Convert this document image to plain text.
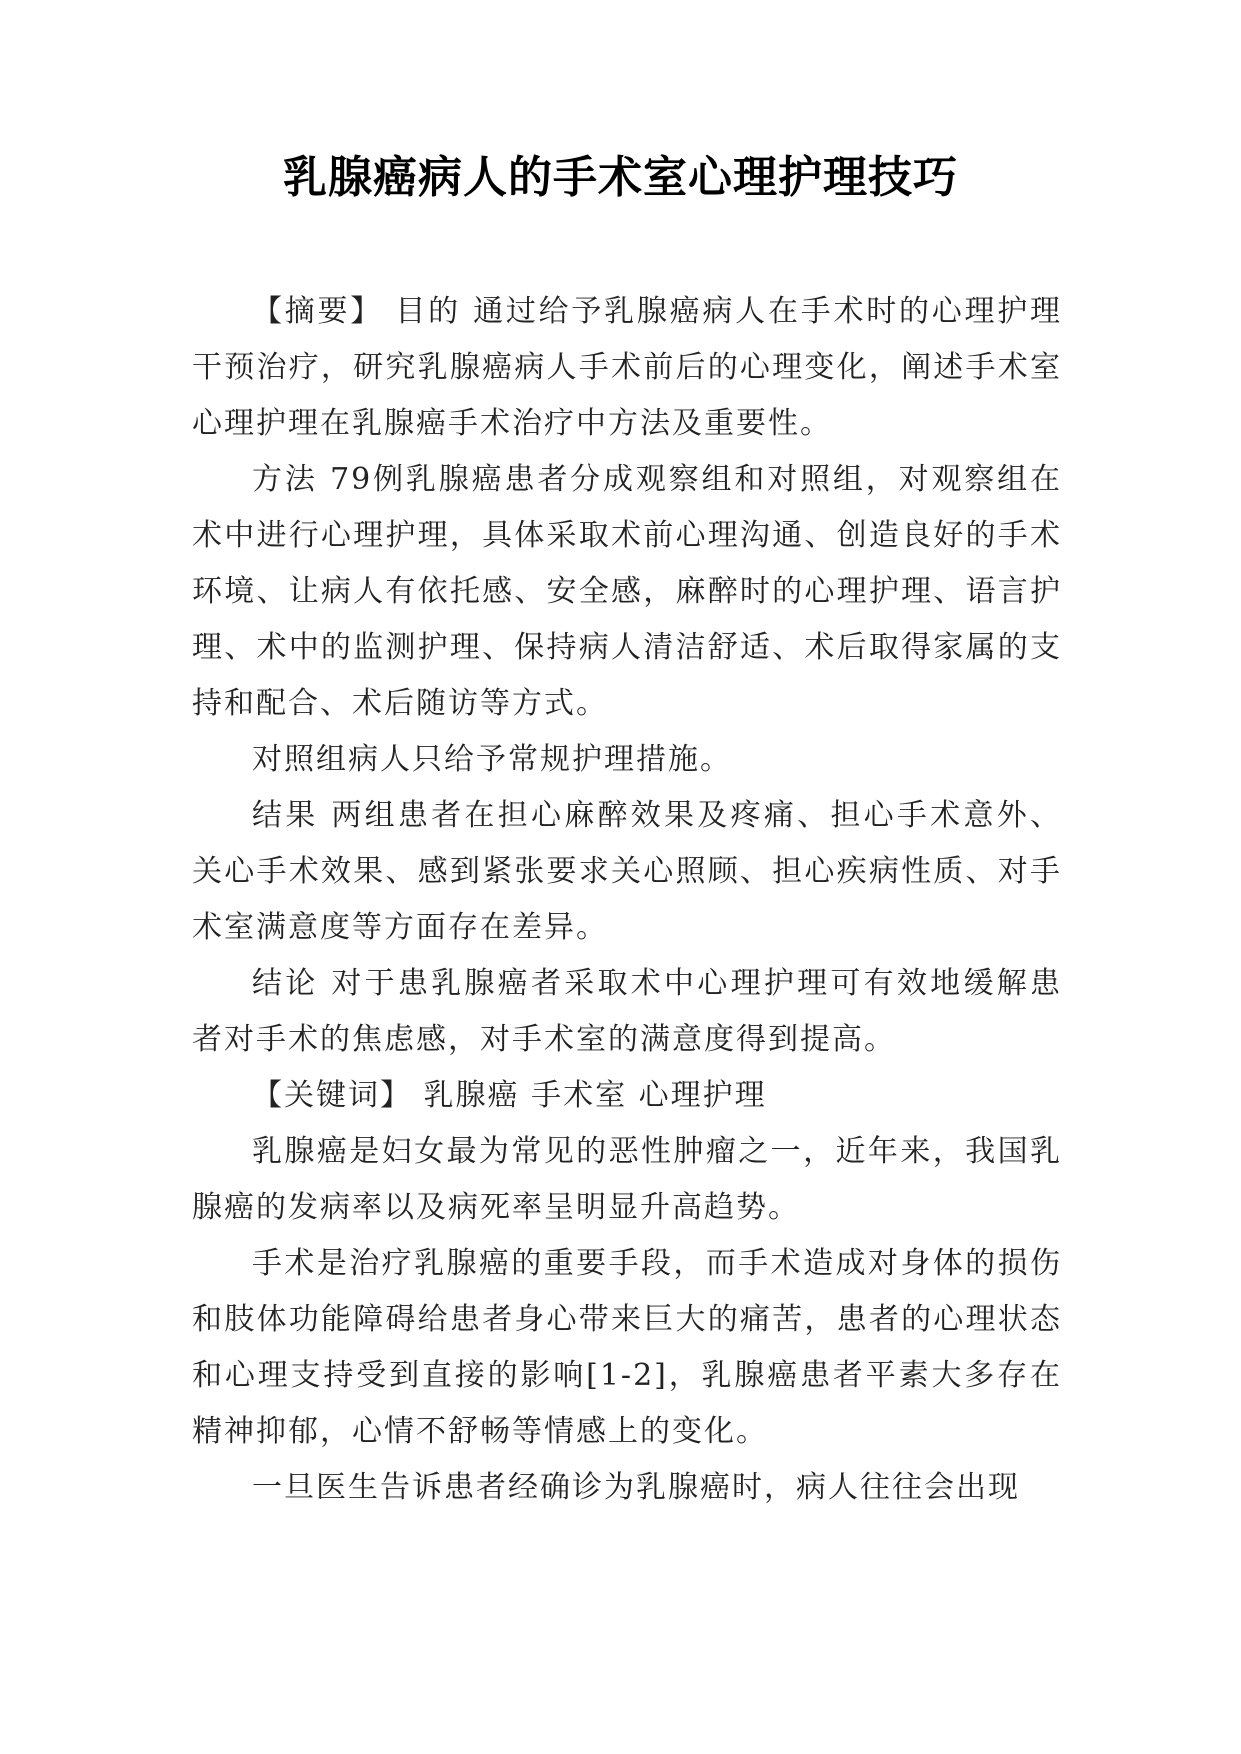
乳腺癌病人的手术室心理护理技巧

【摘要】 目的 通过给予乳腺癌病人在手术时的心理护理干预治疗，研究乳腺癌病人手术前后的心理变化，阐述手术室心理护理在乳腺癌手术治疗中方法及重要性。

方法 79例乳腺癌患者分成观察组和对照组，对观察组在术中进行心理护理，具体采取术前心理沟通、创造良好的手术环境、让病人有依托感、安全感，麻醉时的心理护理、语言护理、术中的监测护理、保持病人清洁舒适、术后取得家属的支持和配合、术后随访等方式。

对照组病人只给予常规护理措施。

结果 两组患者在担心麻醉效果及疼痛、担心手术意外、关心手术效果、感到紧张要求关心照顾、担心疾病性质、对手术室满意度等方面存在差异。

结论 对于患乳腺癌者采取术中心理护理可有效地缓解患者对手术的焦虑感，对手术室的满意度得到提高。

【关键词】 乳腺癌 手术室 心理护理

乳腺癌是妇女最为常见的恶性肿瘤之一，近年来，我国乳腺癌的发病率以及病死率呈明显升高趋势。

手术是治疗乳腺癌的重要手段，而手术造成对身体的损伤和肢体功能障碍给患者身心带来巨大的痛苦，患者的心理状态和心理支持受到直接的影响[1-2]，乳腺癌患者平素大多存在精神抑郁，心情不舒畅等情感上的变化。

一旦医生告诉患者经确诊为乳腺癌时，病人往往会出现
